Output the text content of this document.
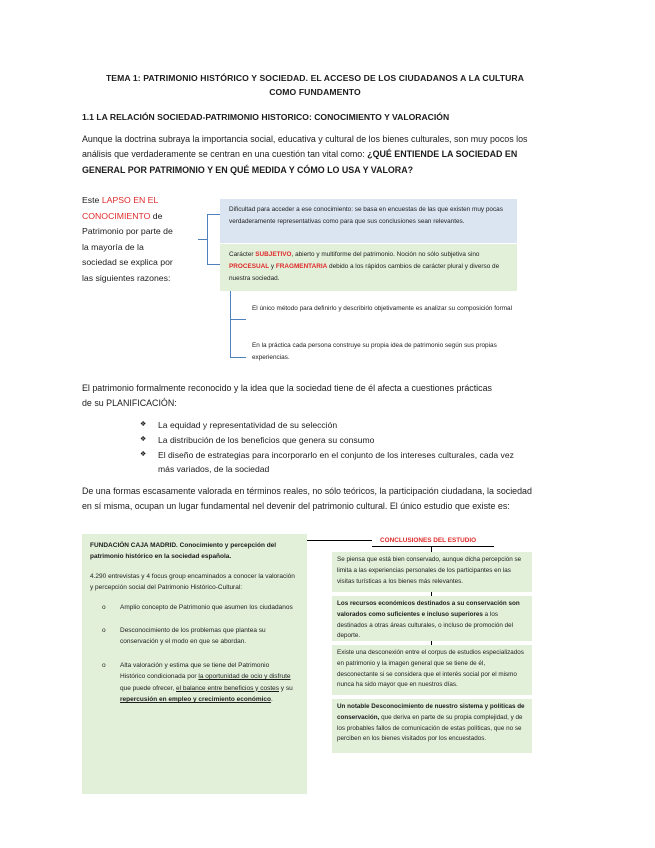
TEMA 1: PATRIMONIO HISTÓRICO Y SOCIEDAD. EL ACCESO DE LOS CIUDADANOS A LA CULTURA COMO FUNDAMENTO
1.1 LA RELACIÓN SOCIEDAD-PATRIMONIO HISTORICO: CONOCIMIENTO Y VALORACIÓN
Aunque la doctrina subraya la importancia social, educativa y cultural de los bienes culturales, son muy pocos los análisis que verdaderamente se centran en una cuestión tan vital como: ¿QUÉ ENTIENDE LA SOCIEDAD EN GENERAL POR PATRIMONIO Y EN QUÉ MEDIDA Y CÓMO LO USA Y VALORA?
Este LAPSO EN EL CONOCIMIENTO de Patrimonio por parte de la mayoría de la sociedad se explica por las siguientes razones:
Dificultad para acceder a ese conocimiento: se basa en encuestas de las que existen muy pocas verdaderamente representativas como para que sus conclusiones sean relevantes.
Carácter SUBJETIVO, abierto y multiforme del patrimonio. Noción no sólo subjetiva sino PROCESUAL y FRAGMENTARIA debido a los rápidos cambios de carácter plural y diverso de nuestra sociedad.
El único método para definirlo y describirlo objetivamente es analizar su composición formal
En la práctica cada persona construye su propia idea de patrimonio según sus propias experiencias.
El patrimonio formalmente reconocido y la idea que la sociedad tiene de él afecta a cuestiones prácticas de su PLANIFICACIÓN:
❖ La equidad y representatividad de su selección
❖ La distribución de los beneficios que genera su consumo
❖ El diseño de estrategias para incorporarlo en el conjunto de los intereses culturales, cada vez más variados, de la sociedad
De una formas escasamente valorada en términos reales, no sólo teóricos, la participación ciudadana, la sociedad en sí misma, ocupan un lugar fundamental nel devenir del patrimonio cultural. El único estudio que existe es:
FUNDACIÓN CAJA MADRID. Conocimiento y percepción del patrimonio histórico en la sociedad española.
4.290 entrevistas y 4 focus group encaminados a conocer la valoración y percepción social del Patrimonio Histórico-Cultural:
o Amplio concepto de Patrimonio que asumen los ciudadanos
o Desconocimiento de los problemas que plantea su conservación y el modo en que se abordan.
o Alta valoración y estima que se tiene del Patrimonio Histórico condicionada por la oportunidad de ocio y disfrute que puede ofrecer, el balance entre beneficios y costes y su repercusión en empleo y crecimiento económico.
CONCLUSIONES DEL ESTUDIO
Se piensa que está bien conservado, aunque dicha percepción se limita a las experiencias personales de los participantes en las visitas turísticas a los bienes más relevantes.
Los recursos económicos destinados a su conservación son valorados como suficientes e incluso superiores a los destinados a otras áreas culturales, o incluso de promoción del deporte.
Existe una desconexión entre el corpus de estudios especializados en patrimonio y la imagen general que se tiene de él, desconectante si se considera que el interés social por el mismo nunca ha sido mayor que en nuestros días.
Un notable Desconocimiento de nuestro sistema y políticas de conservación, que deriva en parte de su propia complejidad, y de los probables fallos de comunicación de estas políticas, que no se perciben en los bienes visitados por los encuestados.
